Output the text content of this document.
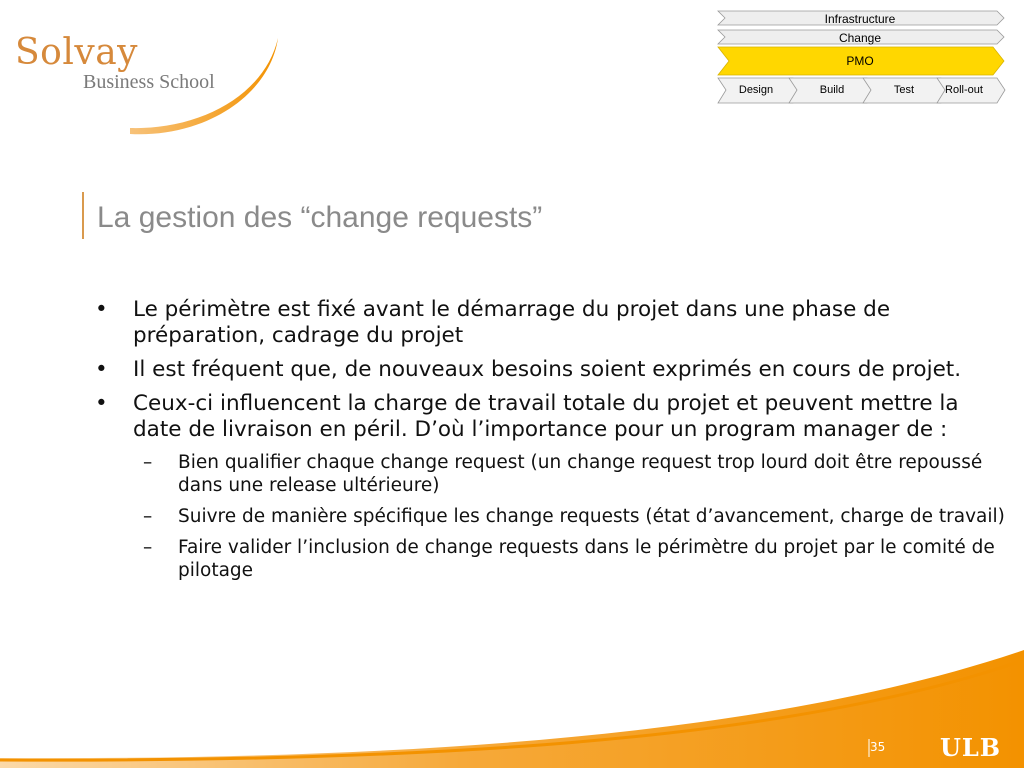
Solvay
Business School
Infrastructure
Change
PMO
Design	Build	Test	Roll-out
La gestion des “change requests”
• Le périmètre est fixé avant le démarrage du projet dans une phase de préparation, cadrage du projet
• Il est fréquent que, de nouveaux besoins soient exprimés en cours de projet.
• Ceux-ci influencent la charge de travail totale du projet et peuvent mettre la date de livraison en péril. D’où l’importance pour un program manager de :
– Bien qualifier chaque change request (un change request trop lourd doit être repoussé dans une release ultérieure)
– Suivre de manière spécifique les change requests (état d’avancement, charge de travail)
– Faire valider l’inclusion de change requests dans le périmètre du projet par le comité de pilotage
35 ULB
